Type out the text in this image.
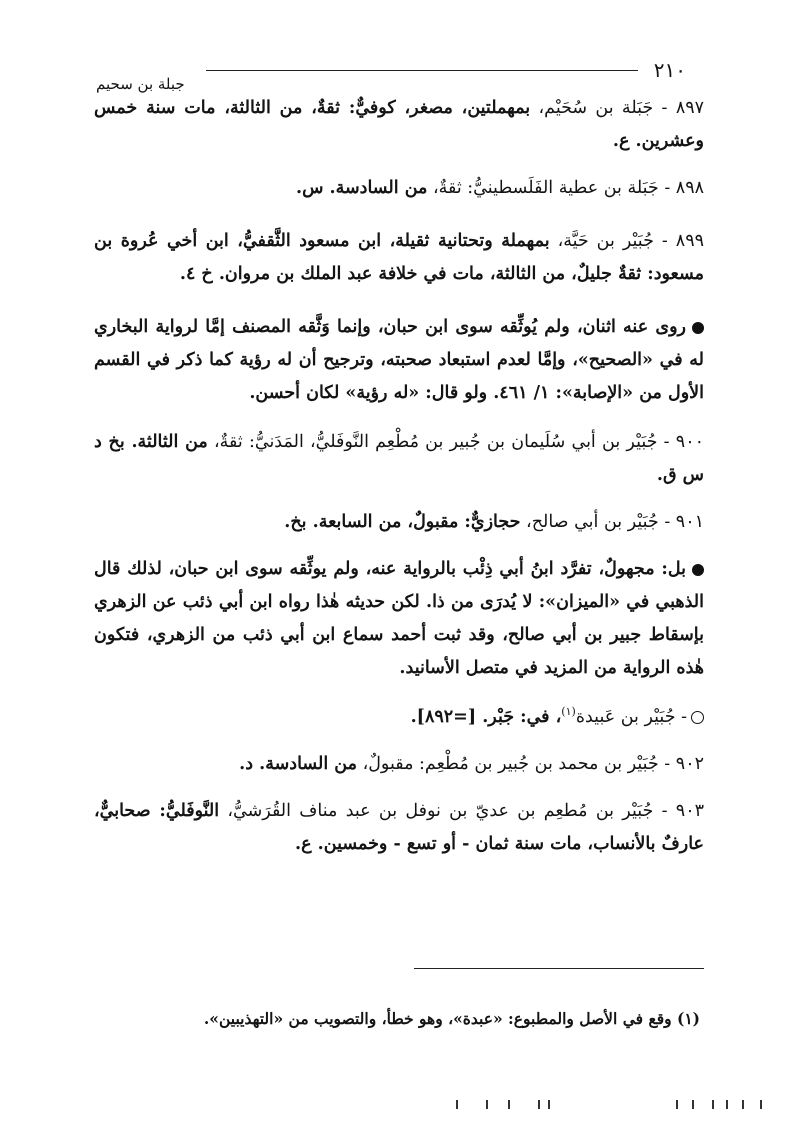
٢١٠
جبلة بن سحيم

٨٩٧ - جَبَلة بن سُحَيْم، بمهملتين، مصغر، كوفيٌّ: ثقةٌ، من الثالثة، مات سنة خمس وعشرين. ع.

٨٩٨ - جَبَلة بن عطية الفَلَسطينيُّ: ثقةٌ، من السادسة. س.

٨٩٩ - جُبَيْر بن حَيَّة، بمهملة وتحتانية ثقيلة، ابن مسعود الثَّقفيُّ، ابن أخي عُروة بن مسعود: ثقةٌ جليلٌ، من الثالثة، مات في خلافة عبد الملك بن مروان. خ ٤.

روى عنه اثنان، ولم يُوثِّقه سوى ابن حبان، وإنما وَثَّقه المصنف إمَّا لرواية البخاري له في «الصحيح»، وإمَّا لعدم استبعاد صحبته، وترجيح أن له رؤية كما ذكر في القسم الأول من «الإصابة»: ١/ ٤٦١. ولو قال: «له رؤية» لكان أحسن.

٩٠٠ - جُبَيْر بن أبي سُلَيمان بن جُبير بن مُطْعِم النَّوفَليُّ، المَدَنيُّ: ثقةٌ، من الثالثة. بخ د س ق.

٩٠١ - جُبَيْر بن أبي صالح، حجازيٌّ: مقبولٌ، من السابعة. بخ.

بل: مجهولٌ، تفرَّد ابنُ أبي ذِئْب بالرواية عنه، ولم يوثِّقه سوى ابن حبان، لذلك قال الذهبي في «الميزان»: لا يُدرَى من ذا. لكن حديثه هٰذا رواه ابن أبي ذئب عن الزهري بإسقاط جبير بن أبي صالح، وقد ثبت أحمد سماع ابن أبي ذئب من الزهري، فتكون هٰذه الرواية من المزيد في متصل الأسانيد.

- جُبَيْر بن عَبيدة$^{(١)}$، في: جَبْر. [=٨٩٢].

٩٠٢ - جُبَيْر بن محمد بن جُبير بن مُطْعِم: مقبولٌ، من السادسة. د.

٩٠٣ - جُبَيْر بن مُطعِم بن عديّ بن نوفل بن عبد مناف القُرَشيُّ، النَّوفَليُّ: صحابيٌّ، عارفٌ بالأنساب، مات سنة ثمان - أو تسع - وخمسين. ع.

(١) وقع في الأصل والمطبوع: «عبدة»، وهو خطأ، والتصويب من «التهذيبين».
